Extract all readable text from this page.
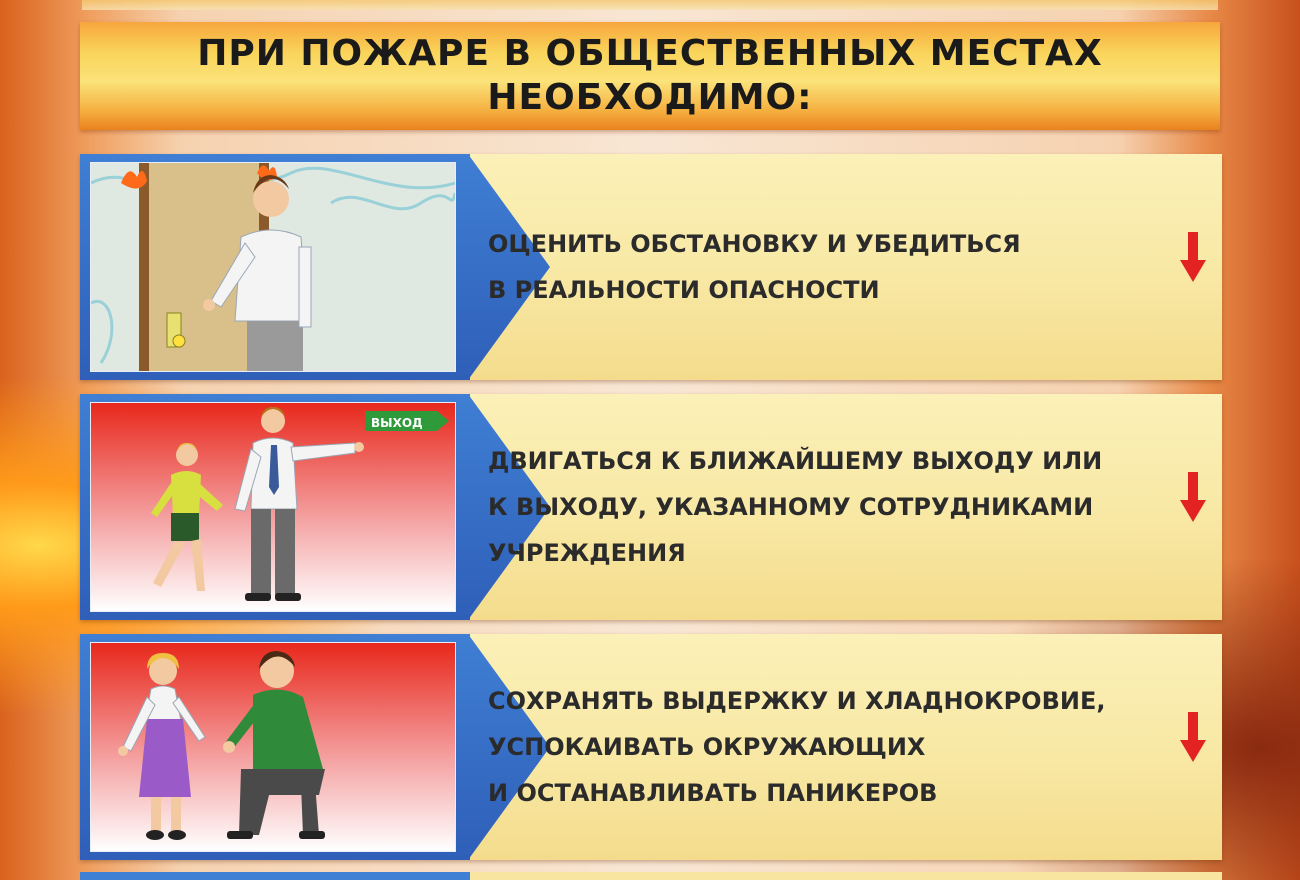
ПРИ ПОЖАРЕ В ОБЩЕСТВЕННЫХ МЕСТАХ
НЕОБХОДИМО:
ОЦЕНИТЬ ОБСТАНОВКУ И УБЕДИТЬСЯ
В РЕАЛЬНОСТИ ОПАСНОСТИ
ВЫХОД
ДВИГАТЬСЯ К БЛИЖАЙШЕМУ ВЫХОДУ ИЛИ
К ВЫХОДУ, УКАЗАННОМУ СОТРУДНИКАМИ
УЧРЕЖДЕНИЯ
СОХРАНЯТЬ ВЫДЕРЖКУ И ХЛАДНОКРОВИЕ,
УСПОКАИВАТЬ ОКРУЖАЮЩИХ
И ОСТАНАВЛИВАТЬ ПАНИКЕРОВ
